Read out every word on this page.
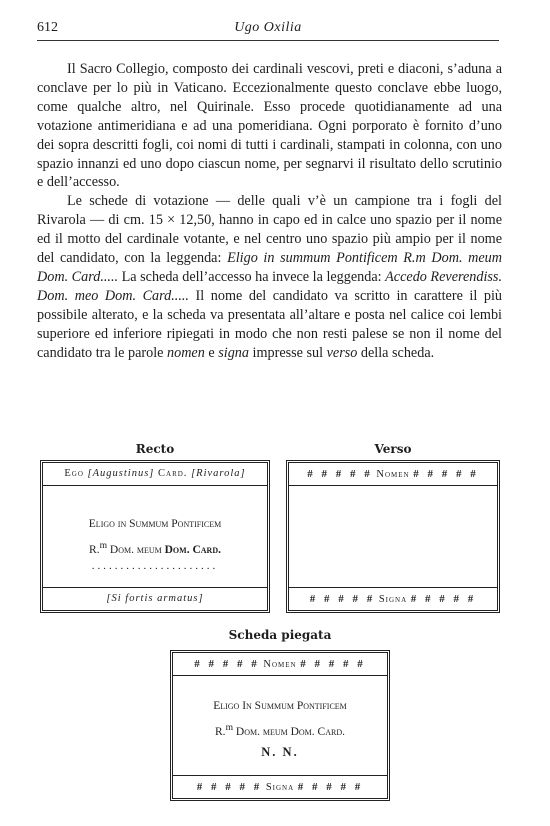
612	Ugo Oxilia

Il Sacro Collegio, composto dei cardinali vescovi, preti e diaconi, s’aduna a conclave per lo più in Vaticano. Eccezionalmente questo conclave ebbe luogo, come qualche altro, nel Quirinale. Esso procede quotidianamente ad una votazione antimeridiana e ad una pomeridiana. Ogni porporato è fornito d’uno dei sopra descritti fogli, coi nomi di tutti i cardinali, stampati in colonna, con uno spazio innanzi ed uno dopo ciascun nome, per segnarvi il risultato dello scrutinio e dell’accesso.

Le schede di votazione — delle quali v’è un campione tra i fogli del Rivarola — di cm. 15 × 12,50, hanno in capo ed in calce uno spazio per il nome ed il motto del cardinale votante, e nel centro uno spazio più ampio per il nome del candidato, con la leggenda: Eligo in summum Pontificem R.m Dom. meum Dom. Card..... La scheda dell’accesso ha invece la leggenda: Accedo Reverendiss. Dom. meo Dom. Card..... Il nome del candidato va scritto in carattere il più possibile alterato, e la scheda va presentata all’altare e posta nel calice coi lembi superiore ed inferiore ripiegati in modo che non resti palese se non il nome del candidato tra le parole nomen e signa impresse sul verso della scheda.

Recto
Ego [Augustinus] Card. [Rivarola]
Eligo in Summum Pontificem
R.$^m$ Dom. meum Dom. Card.
......................
[Si fortis armatus]
Verso
# # # # # Nomen # # # # #
# # # # # Signa # # # # #
Scheda piegata
# # # # # Nomen # # # # #
Eligo In Summum Pontificem
R.$^m$ Dom. meum Dom. Card.
N. N.
# # # # # Signa # # # # #
